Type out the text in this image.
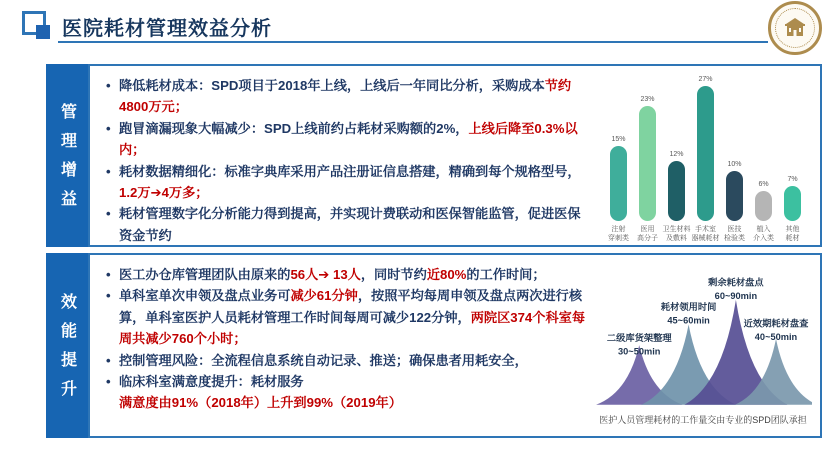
医院耗材管理效益分析
管理增益
• 降低耗材成本：SPD项目于2018年上线，上线后一年同比分析，采购成本节约4800万元；
• 跑冒滴漏现象大幅减少：SPD上线前约占耗材采购额的2%，上线后降至0.3%以内；
• 耗材数据精细化：标准字典库采用产品注册证信息搭建，精确到每个规格型号，1.2万➔4万多；
• 耗材管理数字化分析能力得到提高，并实现计费联动和医保智能监管，促进医保资金节约
15%
23%
12%
27%
10%
6%
7%
注射
穿刺类
医用
高分子
卫生材料
及敷料
手术室
器械耗材
医技
检验类
植入
介入类
其他
耗材
效能提升
• 医工办仓库管理团队由原来的56人➔ 13人，同时节约近80%的工作时间；
• 单科室单次申领及盘点业务可减少61分钟，按照平均每周申领及盘点两次进行核算，单科室医护人员耗材管理工作时间每周可减少122分钟，两院区374个科室每周共减少760个小时；
• 控制管理风险：全流程信息系统自动记录、推送；确保患者用耗安全，
• 临床科室满意度提升：耗材服务满意度由91%（2018年）上升到99%（2019年）
二级库货架整理
30~50min
耗材领用时间
45~60min
剩余耗材盘点
60~90min
近效期耗材盘查
40~50min
医护人员管理耗材的工作量交由专业的SPD团队承担
